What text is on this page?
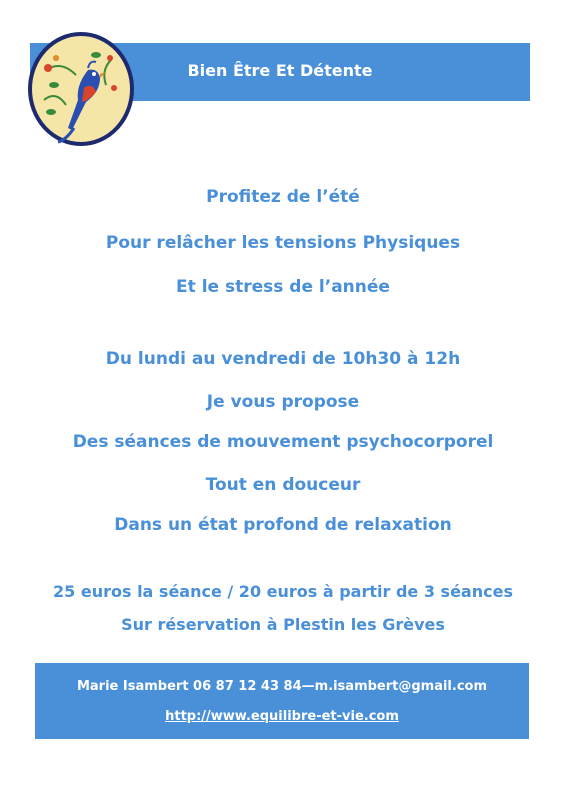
Bien Être Et Détente
Profitez de l’été
Pour relâcher les tensions Physiques
Et le stress de l’année
Du lundi au vendredi de 10h30 à 12h
Je vous propose
Des séances de mouvement psychocorporel
Tout en douceur
Dans un état profond de relaxation
25 euros la séance / 20 euros à partir de 3 séances
Sur réservation à Plestin les Grèves
Marie Isambert 06 87 12 43 84—m.isambert@gmail.com
http://www.equilibre-et-vie.com
